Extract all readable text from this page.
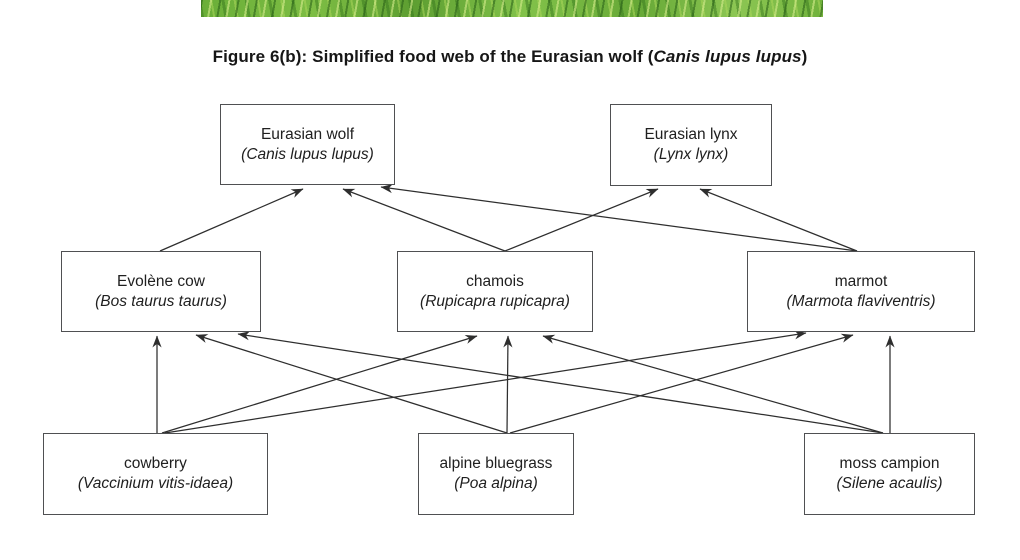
Figure 6(b): Simplified food web of the Eurasian wolf (Canis lupus lupus)
Eurasian wolf
(Canis lupus lupus)
Eurasian lynx
(Lynx lynx)
Evolène cow
(Bos taurus taurus)
chamois
(Rupicapra rupicapra)
marmot
(Marmota flaviventris)
cowberry
(Vaccinium vitis-idaea)
alpine bluegrass
(Poa alpina)
moss campion
(Silene acaulis)
